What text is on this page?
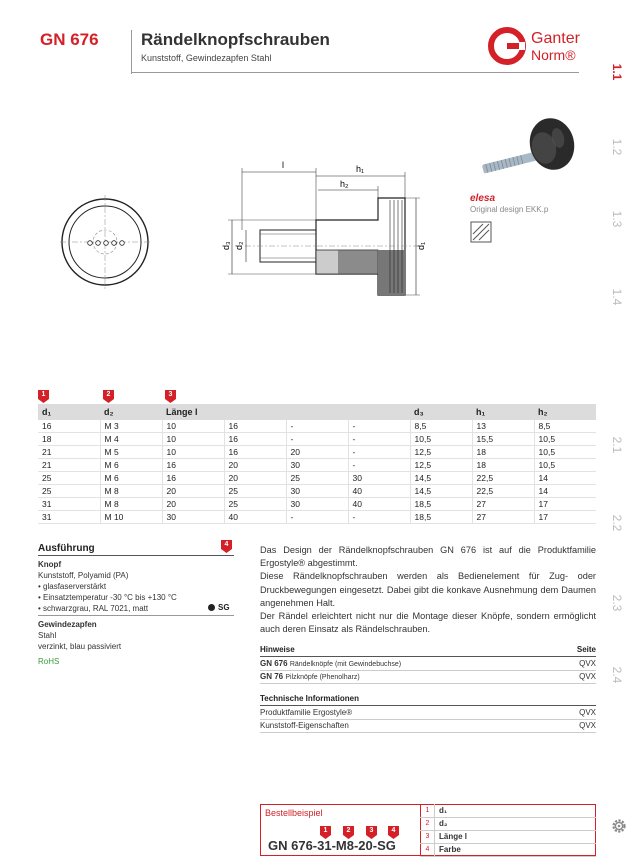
GN 676 Rändelknopfschrauben
Kunststoff, Gewindezapfen Stahl
Ganter
Norm®
1.1
1.2
1.3
1.4
2.1
2.2
2.3
2.4
l	h₁
h₂
d₃ d₂	d₁
elesa
Original design EKK.p
1	2	3
d₁	d₂	Länge l				d₃	h₁	h₂
16	M 3	10	16	-	-	8,5	13	8,5
18	M 4	10	16	-	-	10,5	15,5	10,5
21	M 5	10	16	20	-	12,5	18	10,5
21	M 6	16	20	30	-	12,5	18	10,5
25	M 6	16	20	25	30	14,5	22,5	14
25	M 8	20	25	30	40	14,5	22,5	14
31	M 8	20	25	30	40	18,5	27	17
31	M 10	30	40	-	-	18,5	27	17
Ausführung	4
Knopf
Kunststoff, Polyamid (PA)
• glasfaserverstärkt
• Einsatztemperatur -30 °C bis +130 °C
• schwarzgrau, RAL 7021, matt	SG
Gewindezapfen
Stahl
verzinkt, blau passiviert
RoHS
Das Design der Rändelknopfschrauben GN 676 ist auf die Produktfamilie Ergostyle® abgestimmt.
Diese Rändelknopfschrauben werden als Bedienelement für Zug- oder Druckbewegungen eingesetzt. Dabei gibt die konkave Ausnehmung dem Daumen angenehmen Halt.
Der Rändel erleichtert nicht nur die Montage dieser Knöpfe, sondern ermöglicht auch deren Einsatz als Rändelschrauben.
Hinweise	Seite
GN 676 Rändelknöpfe (mit Gewindebuchse)	QVX
GN 76 Pilzknöpfe (Phenolharz)	QVX
Technische Informationen
Produktfamilie Ergostyle®	QVX
Kunststoff-Eigenschaften	QVX
Bestellbeispiel
1	2	3	4
GN 676-31-M8-20-SG
1	d₁
2	d₂
3	Länge l
4	Farbe
